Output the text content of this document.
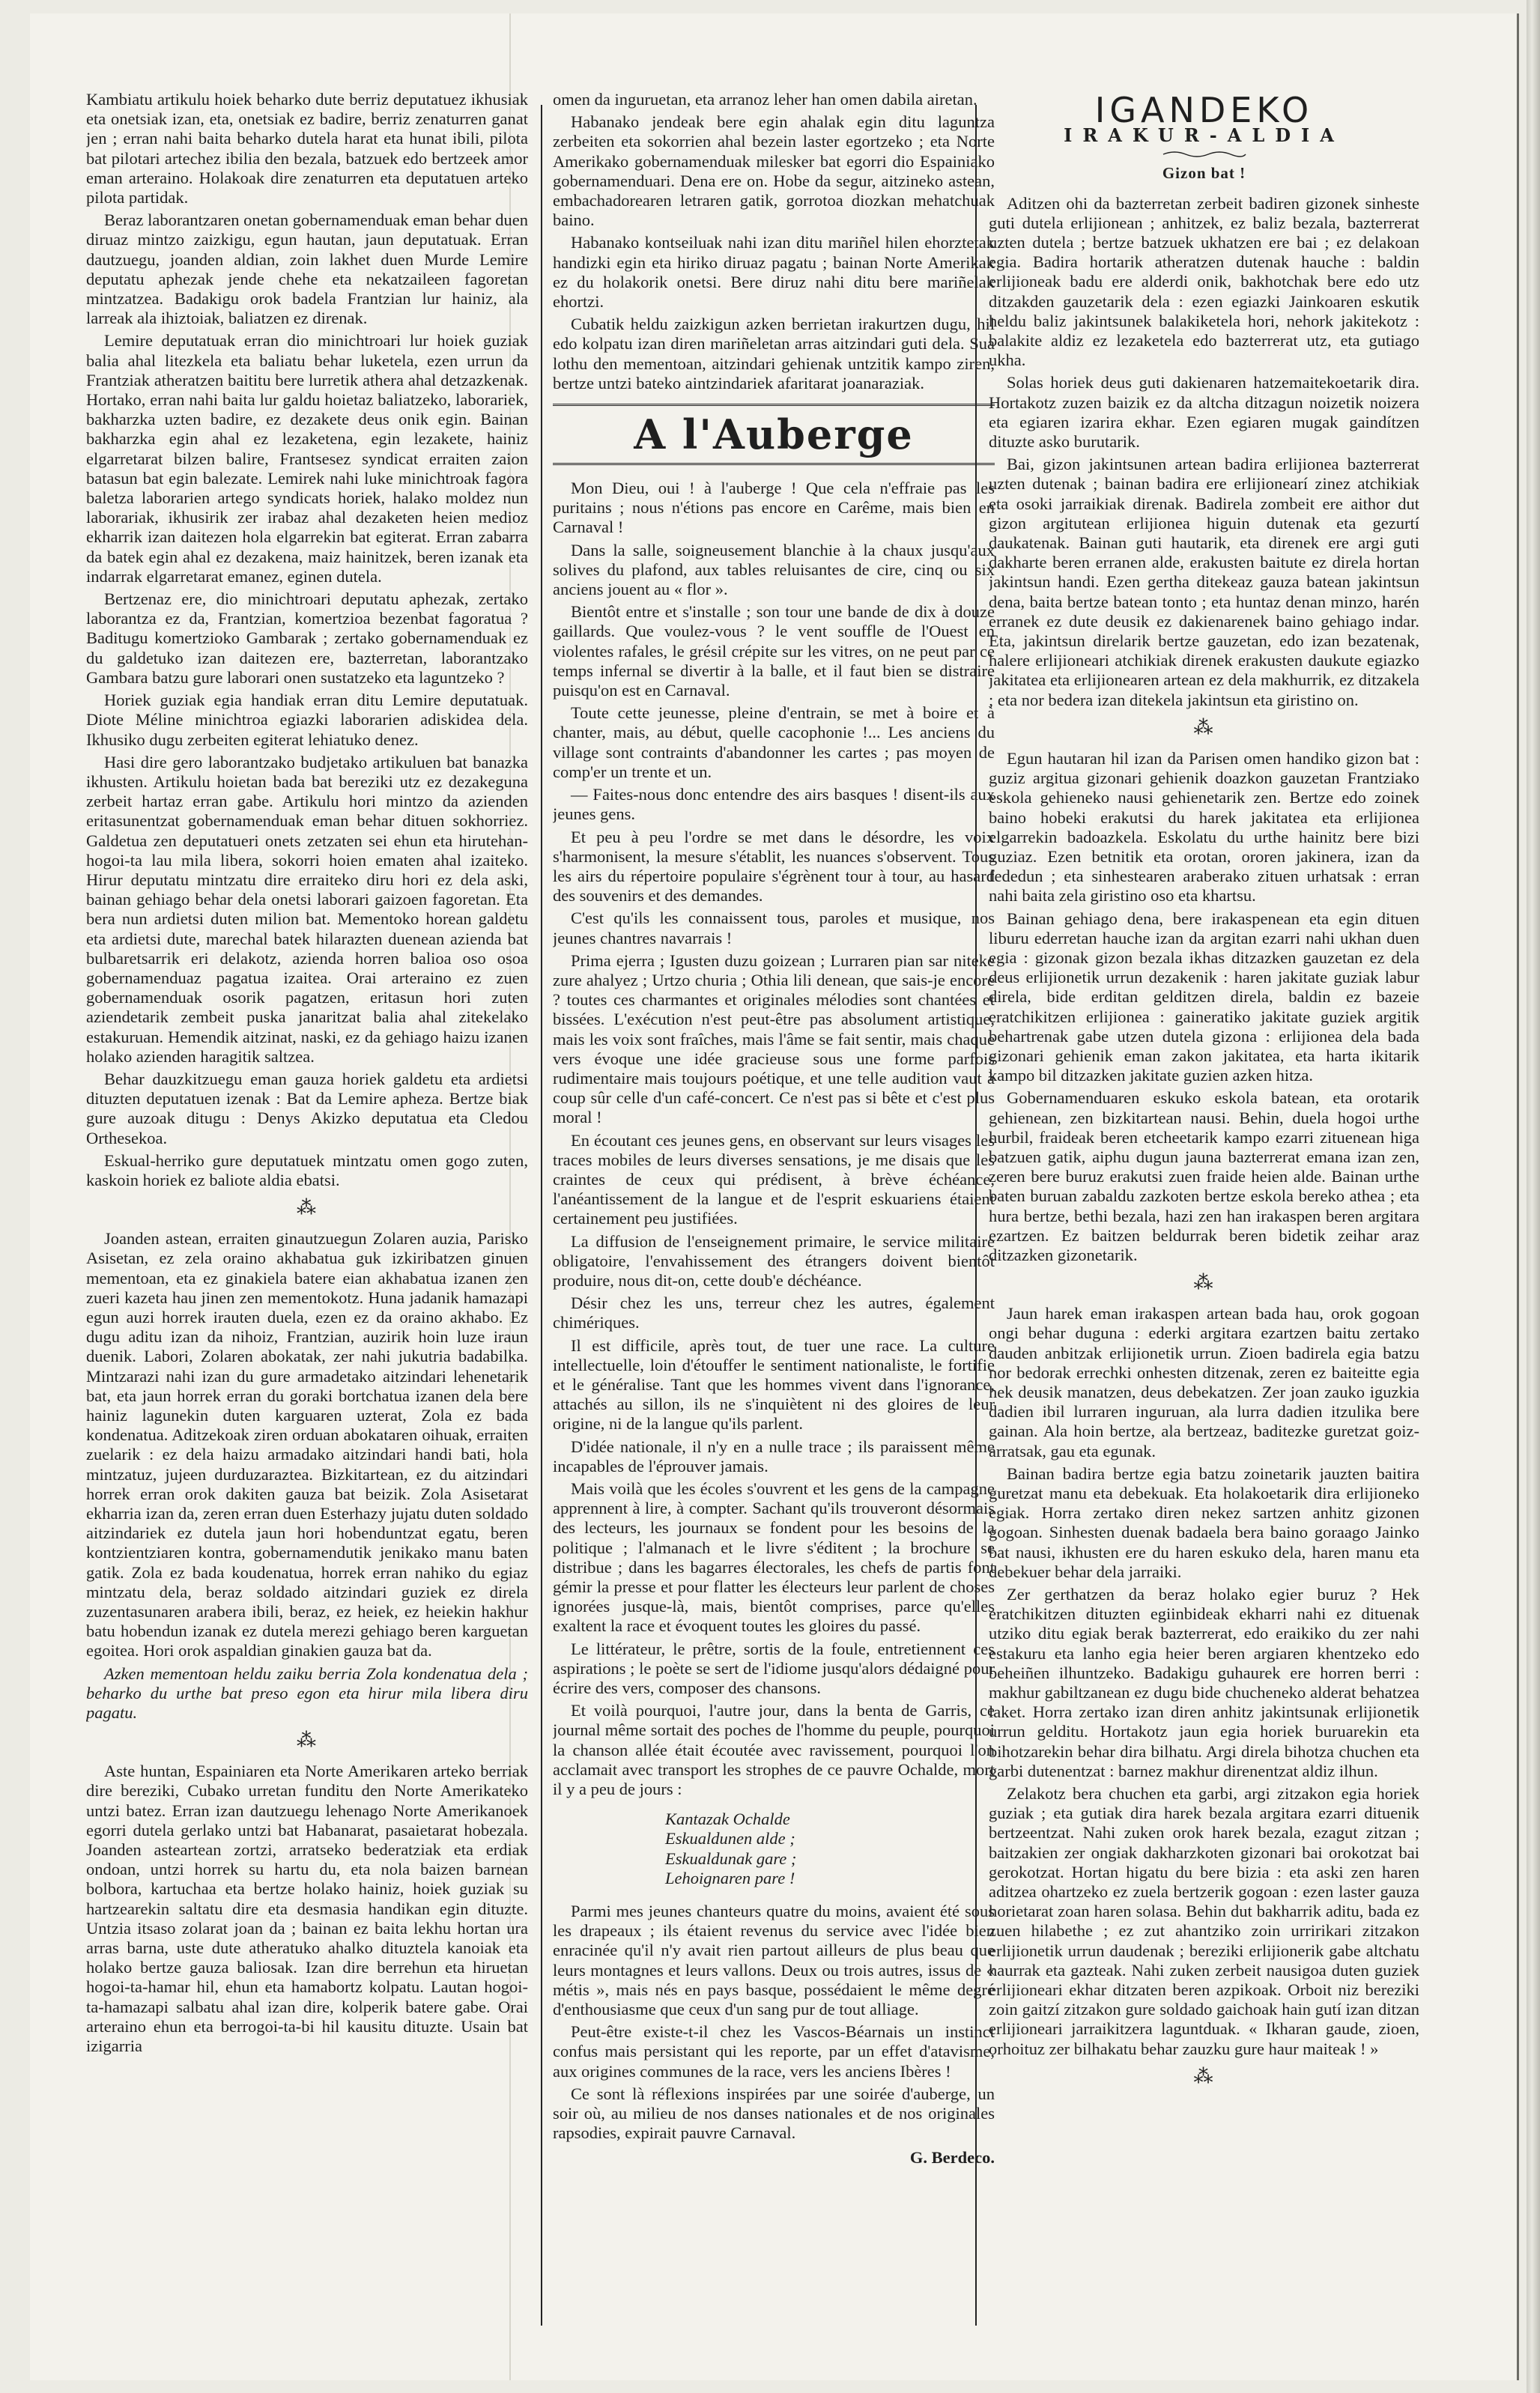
Kambiatu artikulu hoiek beharko dute berriz deputatuez ikhusiak eta onetsiak izan, eta, onetsiak ez badire, berriz zenaturren ganat jen ; erran nahi baita beharko dutela harat eta hunat ibili, pilota bat pilotari artechez ibilia den bezala, batzuek edo bertzeek amor eman arteraino. Holakoak dire zenaturren eta deputatuen arteko pilota partidak.

Beraz laborantzaren onetan gobernamenduak eman behar duen diruaz mintzo zaizkigu, egun hautan, jaun deputatuak. Erran dautzuegu, joanden aldian, zoin lakhet duen Murde Lemire deputatu aphezak jende chehe eta nekatzaileen fagoretan mintzatzea. Badakigu orok badela Frantzian lur hainiz, ala larreak ala ihiztoiak, baliatzen ez direnak.

Lemire deputatuak erran dio minichtroari lur hoiek guziak balia ahal litezkela eta baliatu behar luketela, ezen urrun da Frantziak atheratzen baititu bere lurretik athera ahal detzazkenak. Hortako, erran nahi baita lur galdu hoietaz baliatzeko, laborariek, bakharzka uzten badire, ez dezakete deus onik egin. Bainan bakharzka egin ahal ez lezaketena, egin lezakete, hainiz elgarretarat bilzen balire, Frantsesez syndicat erraiten zaion batasun bat egin balezate. Lemirek nahi luke minichtroak fagora baletza laborarien artego syndicats horiek, halako moldez nun laborariak, ikhusirik zer irabaz ahal dezaketen heien medioz ekharrik izan daitezen hola elgarrekin bat egiterat. Erran zabarra da batek egin ahal ez dezakena, maiz hainitzek, beren izanak eta indarrak elgarretarat emanez, eginen dutela.

Bertzenaz ere, dio minichtroari deputatu aphezak, zertako laborantza ez da, Frantzian, komertzioa bezenbat fagoratua ? Baditugu komertzioko Gambarak ; zertako gobernamenduak ez du galdetuko izan daitezen ere, bazterretan, laborantzako Gambara batzu gure laborari onen sustatzeko eta laguntzeko ?

Horiek guziak egia handiak erran ditu Lemire deputatuak. Diote Méline minichtroa egiazki laborarien adiskidea dela. Ikhusiko dugu zerbeiten egiterat lehiatuko denez.

Hasi dire gero laborantzako budjetako artikuluen bat banazka ikhusten. Artikulu hoietan bada bat bereziki utz ez dezakeguna zerbeit hartaz erran gabe. Artikulu hori mintzo da azienden eritasunentzat gobernamenduak eman behar dituen sokhorriez. Galdetua zen deputatueri onets zetzaten sei ehun eta hirutehan-hogoi-ta lau mila libera, sokorri hoien ematen ahal izaiteko. Hirur deputatu mintzatu dire erraiteko diru hori ez dela aski, bainan gehiago behar dela onetsi laborari gaizoen fagoretan. Eta bera nun ardietsi duten milion bat. Mementoko horean galdetu eta ardietsi dute, marechal batek hilarazten duenean azienda bat bulbaretsarrik eri delakotz, azienda horren balioa oso osoa gobernamenduaz pagatua izaitea. Orai arteraino ez zuen gobernamenduak osorik pagatzen, eritasun hori zuten aziendetarik zembeit puska janaritzat balia ahal zitekelako estakuruan. Hemendik aitzinat, naski, ez da gehiago haizu izanen holako azienden haragitik saltzea.

Behar dauzkitzuegu eman gauza horiek galdetu eta ardietsi dituzten deputatuen izenak : Bat da Lemire apheza. Bertze biak gure auzoak ditugu : Denys Akizko deputatua eta Cledou Orthesekoa.

Eskual-herriko gure deputatuek mintzatu omen gogo zuten, kaskoin horiek ez baliote aldia ebatsi.

⁂

Joanden astean, erraiten ginautzuegun Zolaren auzia, Parisko Asisetan, ez zela oraino akhabatua guk izkiribatzen ginuen mementoan, eta ez ginakiela batere eian akhabatua izanen zen zueri kazeta hau jinen zen mementokotz. Huna jadanik hamazapi egun auzi horrek irauten duela, ezen ez da oraino akhabo. Ez dugu aditu izan da nihoiz, Frantzian, auzirik hoin luze iraun duenik. Labori, Zolaren abokatak, zer nahi jukutria badabilka. Mintzarazi nahi izan du gure armadetako aitzindari lehenetarik bat, eta jaun horrek erran du goraki bortchatua izanen dela bere hainiz lagunekin duten karguaren uzterat, Zola ez bada kondenatua. Aditzekoak ziren orduan abokataren oihuak, erraiten zuelarik : ez dela haizu armadako aitzindari handi bati, hola mintzatuz, jujeen durduzaraztea. Bizkitartean, ez du aitzindari horrek erran orok dakiten gauza bat beizik. Zola Asisetarat ekharria izan da, zeren erran duen Esterhazy jujatu duten soldado aitzindariek ez dutela jaun hori hobenduntzat egatu, beren kontzientziaren kontra, gobernamendutik jenikako manu baten gatik. Zola ez bada koudenatua, horrek erran nahiko du egiaz mintzatu dela, beraz soldado aitzindari guziek ez direla zuzentasunaren arabera ibili, beraz, ez heiek, ez heiekin hakhur batu hobendun izanak ez dutela merezi gehiago beren karguetan egoitea. Hori orok aspaldian ginakien gauza bat da.

Azken mementoan heldu zaiku berria Zola kondenatua dela ; beharko du urthe bat preso egon eta hirur mila libera diru pagatu.

⁂

Aste huntan, Espainiaren eta Norte Amerikaren arteko berriak dire bereziki, Cubako urretan funditu den Norte Amerikateko untzi batez. Erran izan dautzuegu lehenago Norte Amerikanoek egorri dutela gerlako untzi bat Habanarat, pasaietarat hobezala. Joanden asteartean zortzi, arratseko bederatziak eta erdiak ondoan, untzi horrek su hartu du, eta nola baizen barnean bolbora, kartuchaa eta bertze holako hainiz, hoiek guziak su hartzearekin saltatu dire eta desmasia handikan egin dituzte. Untzia itsaso zolarat joan da ; bainan ez baita lekhu hortan ura arras barna, uste dute atheratuko ahalko dituztela kanoiak eta holako bertze gauza baliosak. Izan dire berrehun eta hiruetan hogoi-ta-hamar hil, ehun eta hamabortz kolpatu. Lautan hogoi-ta-hamazapi salbatu ahal izan dire, kolperik batere gabe. Orai arteraino ehun eta berrogoi-ta-bi hil kausitu dituzte. Usain bat izigarria

omen da inguruetan, eta arranoz leher han omen dabila airetan.

Habanako jendeak bere egin ahalak egin ditu laguntza zerbeiten eta sokorrien ahal bezein laster egortzeko ; eta Norte Amerikako gobernamenduak milesker bat egorri dio Espainiako gobernamenduari. Dena ere on. Hobe da segur, aitzineko astean, embachadorearen letraren gatik, gorrotoa diozkan mehatchuak baino.

Habanako kontseiluak nahi izan ditu mariñel hilen ehorztetak handizki egin eta hiriko diruaz pagatu ; bainan Norte Amerikak ez du holakorik onetsi. Bere diruz nahi ditu bere mariñelak ehortzi.

Cubatik heldu zaizkigun azken berrietan irakurtzen dugu, hil edo kolpatu izan diren mariñeletan arras aitzindari guti dela. Sua lothu den mementoan, aitzindari gehienak untzitik kampo ziren, bertze untzi bateko aintzindariek afaritarat joanaraziak.

A l'Auberge

Mon Dieu, oui ! à l'auberge ! Que cela n'effraie pas les puritains ; nous n'étions pas encore en Carême, mais bien en Carnaval !

Dans la salle, soigneusement blanchie à la chaux jusqu'aux solives du plafond, aux tables reluisantes de cire, cinq ou six anciens jouent au « flor ».

Bientôt entre et s'installe ; son tour une bande de dix à douze gaillards. Que voulez-vous ? le vent souffle de l'Ouest en violentes rafales, le grésil crépite sur les vitres, on ne peut par ce temps infernal se divertir à la balle, et il faut bien se distraire puisqu'on est en Carnaval.

Toute cette jeunesse, pleine d'entrain, se met à boire et à chanter, mais, au début, quelle cacophonie !... Les anciens du village sont contraints d'abandonner les cartes ; pas moyen de comp'er un trente et un.

— Faites-nous donc entendre des airs basques ! disent-ils aux jeunes gens.

Et peu à peu l'ordre se met dans le désordre, les voix s'harmonisent, la mesure s'établit, les nuances s'observent. Tous les airs du répertoire populaire s'égrènent tour à tour, au hasard des souvenirs et des demandes.

C'est qu'ils les connaissent tous, paroles et musique, nos jeunes chantres navarrais !

Prima ejerra ; Igusten duzu goizean ; Lurraren pian sar niteke zure ahalyez ; Urtzo churia ; Othia lili denean, que sais-je encore ? toutes ces charmantes et originales mélodies sont chantées et bissées. L'exécution n'est peut-être pas absolument artistique, mais les voix sont fraîches, mais l'âme se fait sentir, mais chaque vers évoque une idée gracieuse sous une forme parfois rudimentaire mais toujours poétique, et une telle audition vaut à coup sûr celle d'un café-concert. Ce n'est pas si bête et c'est plus moral !

En écoutant ces jeunes gens, en observant sur leurs visages les traces mobiles de leurs diverses sensations, je me disais que les craintes de ceux qui prédisent, à brève échéance, l'anéantissement de la langue et de l'esprit eskuariens étaient certainement peu justifiées.

La diffusion de l'enseignement primaire, le service militaire obligatoire, l'envahissement des étrangers doivent bientôt produire, nous dit-on, cette doub'e déchéance.

Désir chez les uns, terreur chez les autres, également chimériques.

Il est difficile, après tout, de tuer une race. La culture intellectuelle, loin d'étouffer le sentiment nationaliste, le fortifie et le généralise. Tant que les hommes vivent dans l'ignorance, attachés au sillon, ils ne s'inquiètent ni des gloires de leur origine, ni de la langue qu'ils parlent.

D'idée nationale, il n'y en a nulle trace ; ils paraissent même incapables de l'éprouver jamais.

Mais voilà que les écoles s'ouvrent et les gens de la campagne apprennent à lire, à compter. Sachant qu'ils trouveront désormais des lecteurs, les journaux se fondent pour les besoins de la politique ; l'almanach et le livre s'éditent ; la brochure se distribue ; dans les bagarres électorales, les chefs de partis font gémir la presse et pour flatter les électeurs leur parlent de choses ignorées jusque-là, mais, bientôt comprises, parce qu'elles exaltent la race et évoquent toutes les gloires du passé.

Le littérateur, le prêtre, sortis de la foule, entretiennent ces aspirations ; le poète se sert de l'idiome jusqu'alors dédaigné pour écrire des vers, composer des chansons.

Et voilà pourquoi, l'autre jour, dans la benta de Garris, ce journal même sortait des poches de l'homme du peuple, pourquoi la chanson allée était écoutée avec ravissement, pourquoi l'on acclamait avec transport les strophes de ce pauvre Ochalde, mort il y a peu de jours :

Kantazak Ochalde
Eskualdunen alde ;
Eskualdunak gare ;
Lehoignaren pare !

Parmi mes jeunes chanteurs quatre du moins, avaient été sous les drapeaux ; ils étaient revenus du service avec l'idée bien enracinée qu'il n'y avait rien partout ailleurs de plus beau que leurs montagnes et leurs vallons. Deux ou trois autres, issus de « métis », mais nés en pays basque, possédaient le même degré d'enthousiasme que ceux d'un sang pur de tout alliage.

Peut-être existe-t-il chez les Vascos-Béarnais un instinct confus mais persistant qui les reporte, par un effet d'atavisme, aux origines communes de la race, vers les anciens Ibères !

Ce sont là réflexions inspirées par une soirée d'auberge, un soir où, au milieu de nos danses nationales et de nos originales rapsodies, expirait pauvre Carnaval.

G. Berdeco.
IGANDEKO
IRAKUR-ALDIA
Gizon bat !

Aditzen ohi da bazterretan zerbeit badiren gizonek sinheste guti dutela erlijionean ; anhitzek, ez baliz bezala, bazterrerat uzten dutela ; bertze batzuek ukhatzen ere bai ; ez delakoan egia. Badira hortarik atheratzen dutenak hauche : baldin erlijioneak badu ere alderdi onik, bakhotchak bere edo utz ditzakden gauzetarik dela : ezen egiazki Jainkoaren eskutik heldu baliz jakintsunek balakiketela hori, nehork jakitekotz : balakite aldiz ez lezaketela edo bazterrerat utz, eta gutiago ukha.

Solas horiek deus guti dakienaren hatzemaitekoetarik dira. Hortakotz zuzen baizik ez da altcha ditzagun noizetik noizera eta egiaren izarira ekhar. Ezen egiaren mugak gaindítzen dituzte asko burutarik.

Bai, gizon jakintsunen artean badira erlijionea bazterrerat uzten dutenak ; bainan badira ere erlijionearí zinez atchikiak eta osoki jarraikiak direnak. Badirela zombeit ere aithor dut gizon argitutean erlijionea higuin dutenak eta gezurtí daukatenak. Bainan guti hautarik, eta direnek ere argi guti dakharte beren erranen alde, erakusten baitute ez direla hortan jakintsun handi. Ezen gertha ditekeaz gauza batean jakintsun dena, baita bertze batean tonto ; eta huntaz denan minzo, harén erranek ez dute deusik ez dakienarenek baino gehiago indar. Eta, jakintsun direlarik bertze gauzetan, edo izan bezatenak, halere erlijioneari atchikiak direnek erakusten daukute egiazko jakitatea eta erlijionearen artean ez dela makhurrik, ez ditzakela ; eta nor bedera izan ditekela jakintsun eta giristino on.

⁂

Egun hautaran hil izan da Parisen omen handiko gizon bat : guziz argitua gizonari gehienik doazkon gauzetan Frantziako eskola gehieneko nausi gehienetarik zen. Bertze edo zoinek baino hobeki erakutsi du harek jakitatea eta erlijionea elgarrekin badoazkela. Eskolatu du urthe hainitz bere bizi guziaz. Ezen betnitik eta orotan, ororen jakinera, izan da fededun ; eta sinhestearen araberako zituen urhatsak : erran nahi baita zela giristino oso eta khartsu.

Bainan gehiago dena, bere irakaspenean eta egin dituen liburu ederretan hauche izan da argitan ezarri nahi ukhan duen egia : gizonak gizon bezala ikhas ditzazken gauzetan ez dela deus erlijionetik urrun dezakenik : haren jakitate guziak labur direla, bide erditan gelditzen direla, baldin ez bazeie eratchikitzen erlijionea : gaineratiko jakitate guziek argitik behartrenak gabe utzen dutela gizona : erlijionea dela bada gizonari gehienik eman zakon jakitatea, eta harta ikitarik kampo bil ditzazken jakitate guzien azken hitza.

Gobernamenduaren eskuko eskola batean, eta orotarik gehienean, zen bizkitartean nausi. Behin, duela hogoi urthe hurbil, fraideak beren etcheetarik kampo ezarri zituenean higa batzuen gatik, aiphu dugun jauna bazterrerat emana izan zen, zeren bere buruz erakutsi zuen fraide heien alde. Bainan urthe baten buruan zabaldu zazkoten bertze eskola bereko athea ; eta hura bertze, bethi bezala, hazi zen han irakaspen beren argitara ezartzen. Ez baitzen beldurrak beren bidetik zeihar araz ditzazken gizonetarik.

⁂

Jaun harek eman irakaspen artean bada hau, orok gogoan ongi behar duguna : ederki argitara ezartzen baitu zertako dauden anbitzak erlijionetik urrun. Zioen badirela egia batzu nor bedorak errechki onhesten ditzenak, zeren ez baiteitte egia hek deusik manatzen, deus debekatzen. Zer joan zauko iguzkia dadien ibil lurraren inguruan, ala lurra dadien itzulika bere gainan. Ala hoin bertze, ala bertzeaz, baditezke guretzat goiz-arratsak, gau eta egunak.

Bainan badira bertze egia batzu zoinetarik jauzten baitira guretzat manu eta debekuak. Eta holakoetarik dira erlijioneko egiak. Horra zertako diren nekez sartzen anhitz gizonen gogoan. Sinhesten duenak badaela bera baino goraago Jainko bat nausi, ikhusten ere du haren eskuko dela, haren manu eta debekuer behar dela jarraiki.

Zer gerthatzen da beraz holako egier buruz ? Hek eratchikitzen dituzten egiinbideak ekharri nahi ez dituenak utziko ditu egiak berak bazterrerat, edo eraikiko du zer nahi estakuru eta lanho egia heier beren argiaren khentzeko edo beheiñen ilhuntzeko. Badakigu guhaurek ere horren berri : makhur gabiltzanean ez dugu bide chucheneko alderat behatzea laket. Horra zertako izan diren anhitz jakintsunak erlijionetik urrun gelditu. Hortakotz jaun egia horiek buruarekin eta bihotzarekin behar dira bilhatu. Argi direla bihotza chuchen eta garbi dutenentzat : barnez makhur direnentzat aldiz ilhun.

Zelakotz bera chuchen eta garbi, argi zitzakon egia horiek guziak ; eta gutiak dira harek bezala argitara ezarri dituenik bertzeentzat. Nahi zuken orok harek bezala, ezagut zitzan ; baitzakien zer ongiak dakharzkoten gizonari bai orokotzat bai gerokotzat. Hortan higatu du bere bizia : eta aski zen haren aditzea ohartzeko ez zuela bertzerik gogoan : ezen laster gauza horietarat zoan haren solasa. Behin dut bakharrik aditu, bada ez zuen hilabethe ; ez zut ahantziko zoin urririkari zitzakon erlijionetik urrun daudenak ; bereziki erlijionerik gabe altchatu haurrak eta gazteak. Nahi zuken zerbeit nausigoa duten guziek erlijioneari ekhar ditzaten beren azpikoak. Orboit niz bereziki zoin gaitzí zitzakon gure soldado gaichoak hain gutí izan ditzan erlijioneari jarraikitzera laguntduak. « Ikharan gaude, zioen, orhoituz zer bilhakatu behar zauzku gure haur maitеak ! »

⁂
